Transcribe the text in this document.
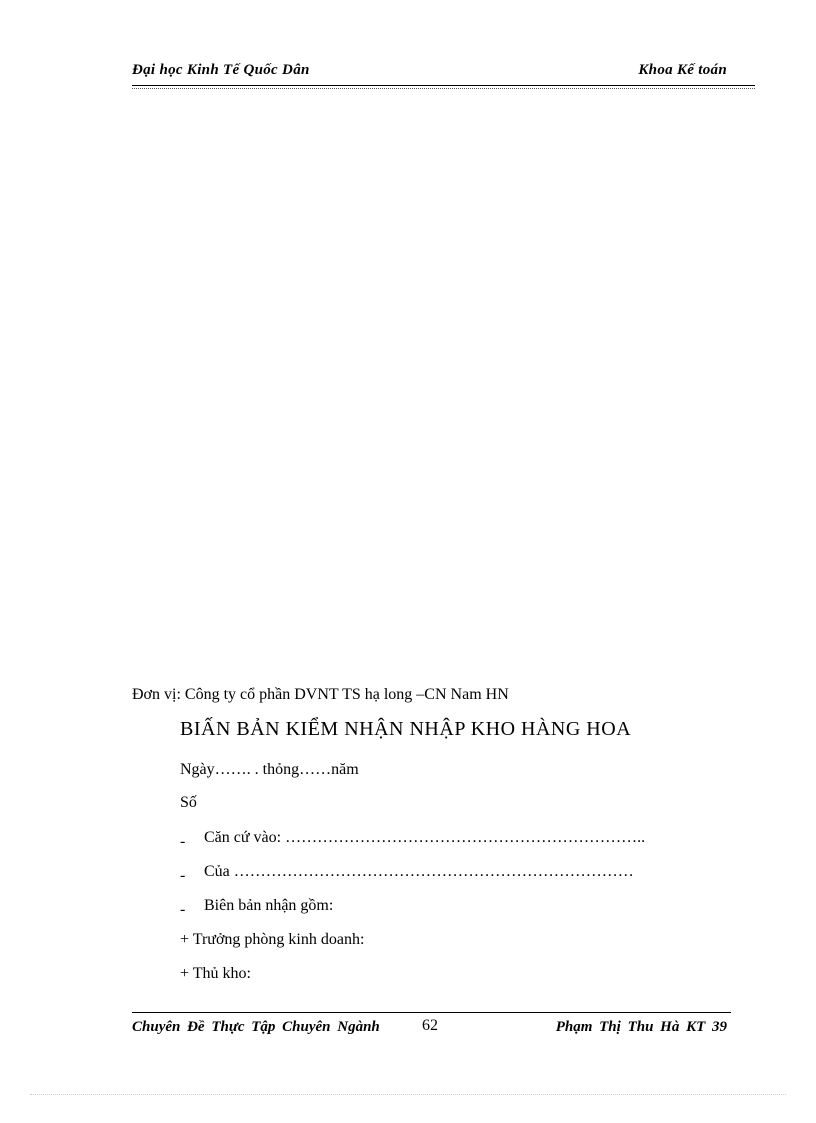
Đại học Kinh Tế Quốc Dân	Khoa Kế toán
Đơn vị: Công ty cổ phần DVNT TS hạ long –CN Nam HN
BIẤN BẢN KIỂM NHẬN NHẬP KHO HÀNG HOA
Ngày……. . thỏng……năm
Số
- Căn cứ vào: …………………………………………………………..
- Của …………………………………………………………………
- Biên bản nhận gồm:
+ Trưởng phòng kinh doanh:
+ Thủ kho:
Chuyên Đề Thực Tập Chuyên Ngành	62	Phạm Thị Thu Hà KT 39
